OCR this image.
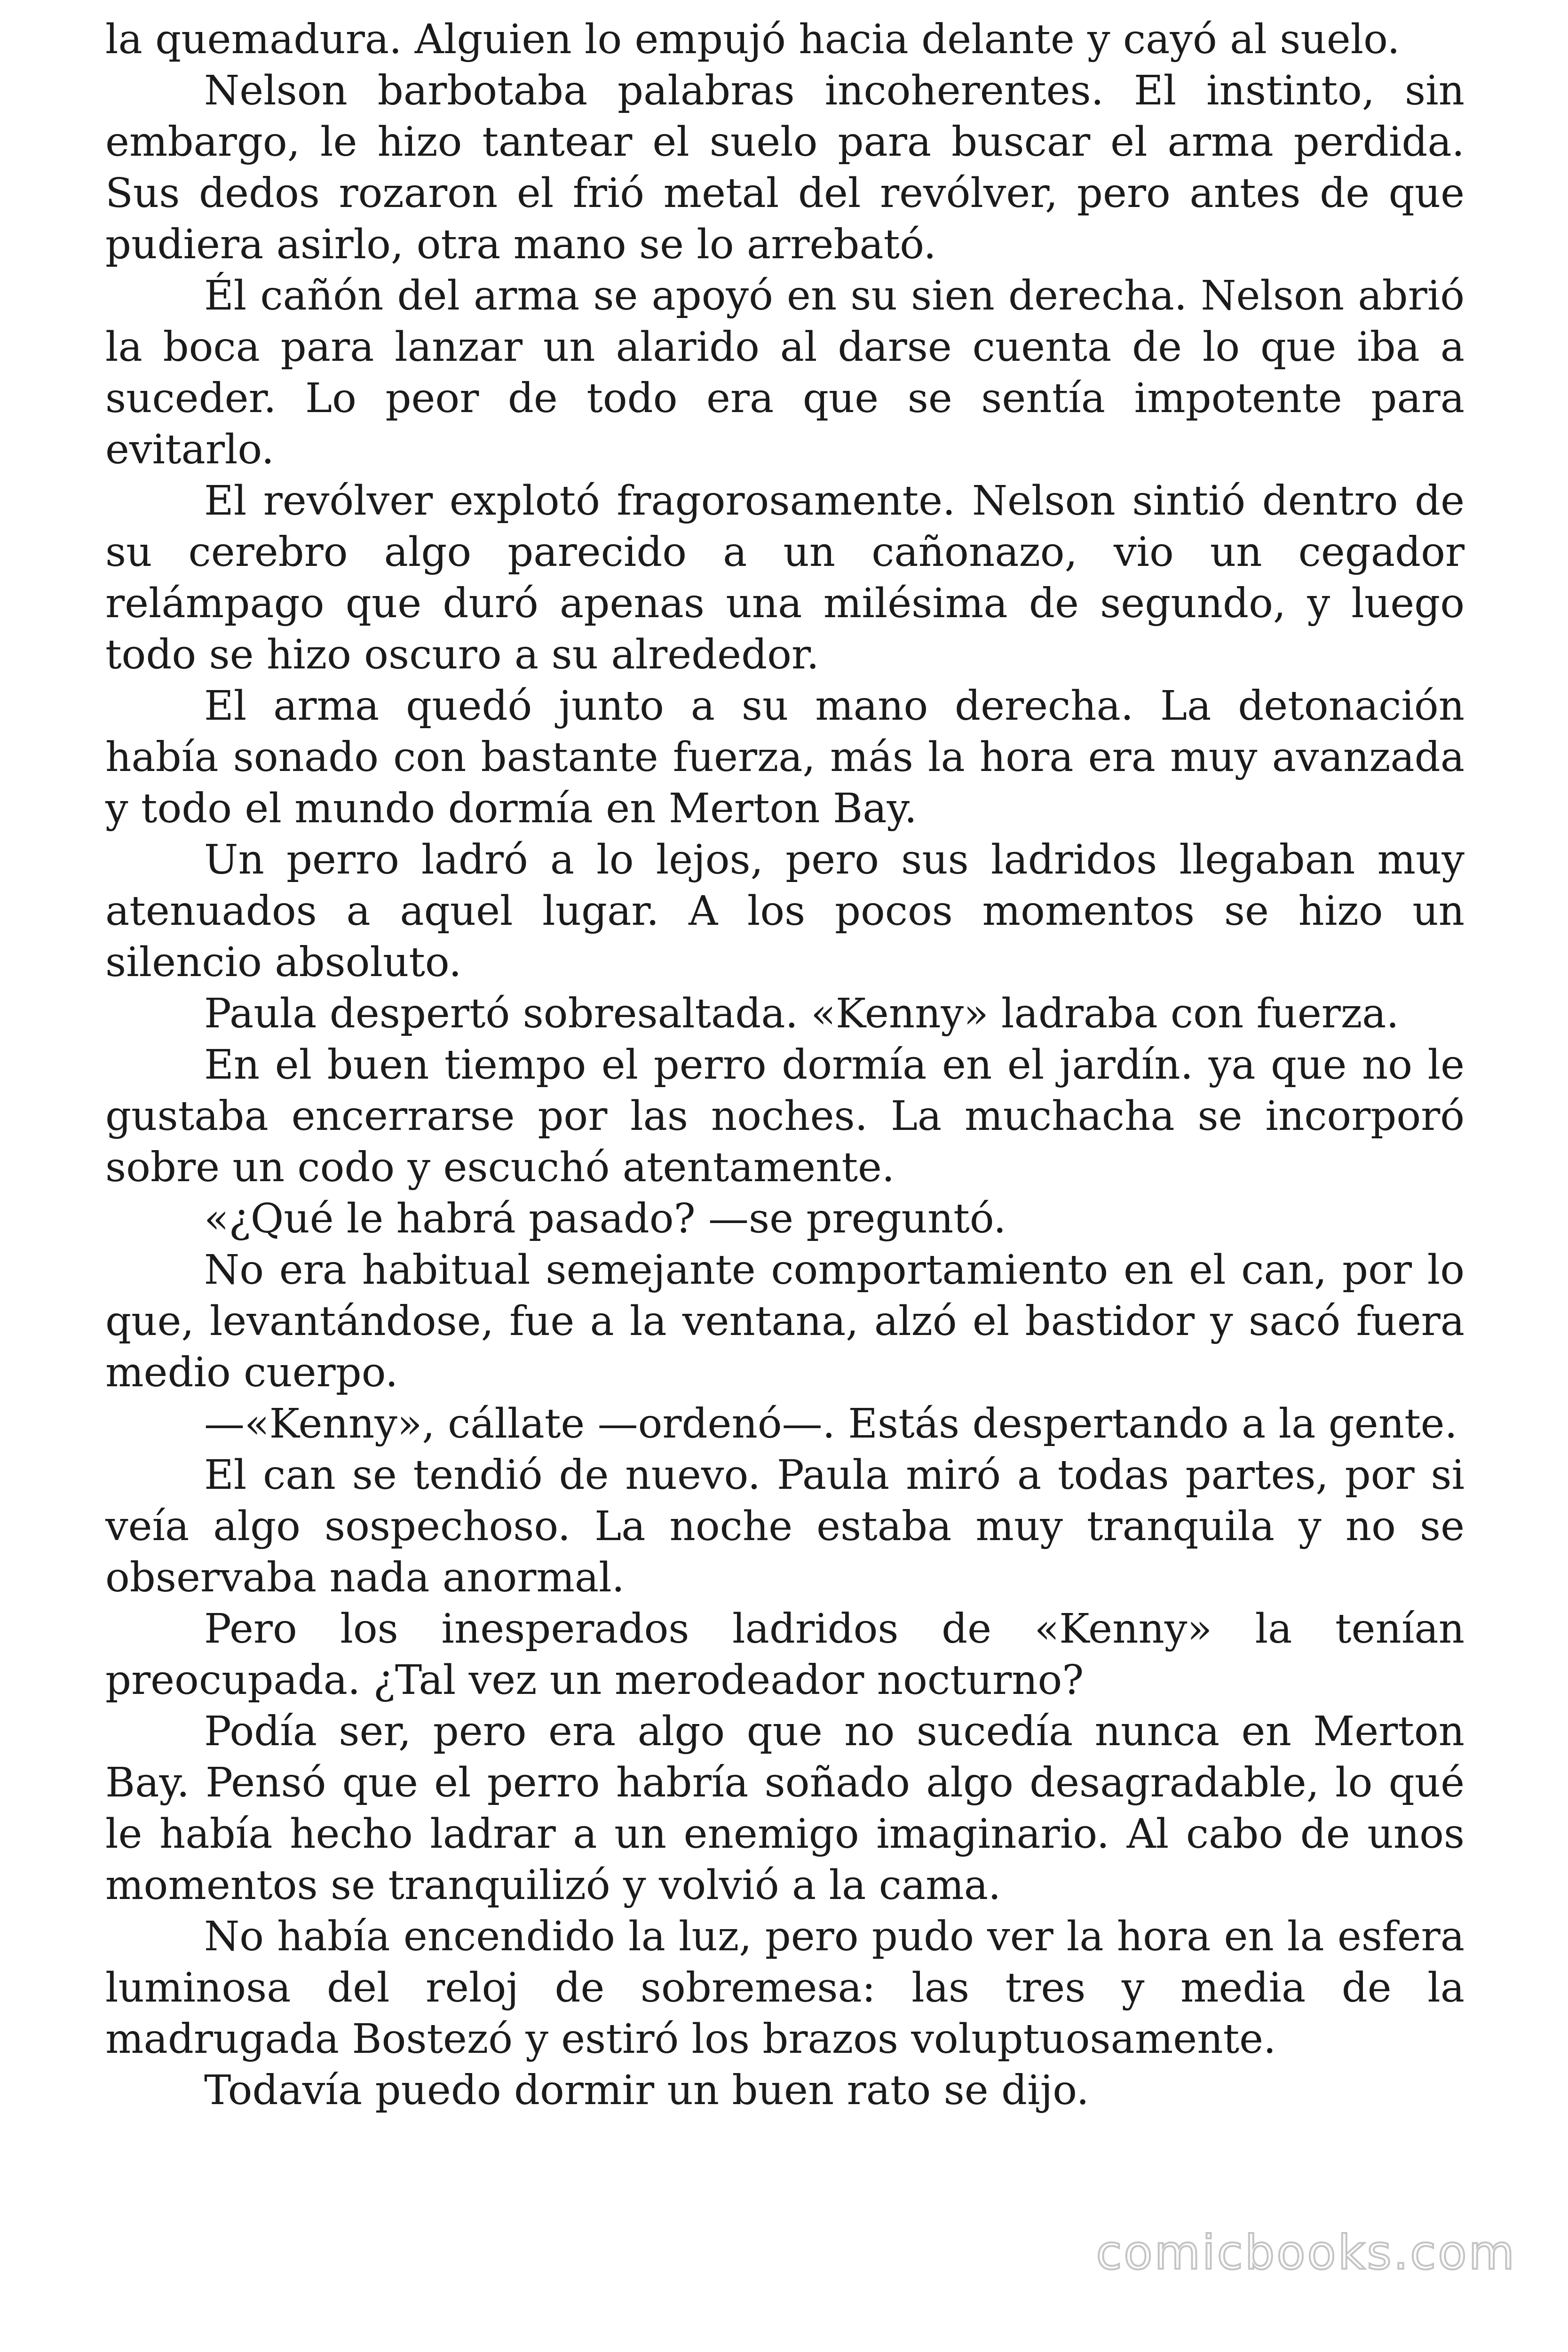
la quemadura. Alguien lo empujó hacia delante y cayó al suelo.

Nelson barbotaba palabras incoherentes. El instinto, sin embargo, le hizo tantear el suelo para buscar el arma perdida. Sus dedos rozaron el frió metal del revólver, pero antes de que pudiera asirlo, otra mano se lo arrebató.

Él cañón del arma se apoyó en su sien derecha. Nelson abrió la boca para lanzar un alarido al darse cuenta de lo que iba a suceder. Lo peor de todo era que se sentía impotente para evitarlo.

El revólver explotó fragorosamente. Nelson sintió dentro de su cerebro algo parecido a un cañonazo, vio un cegador relámpago que duró apenas una milésima de segundo, y luego todo se hizo oscuro a su alrededor.

El arma quedó junto a su mano derecha. La detonación había sonado con bastante fuerza, más la hora era muy avanzada y todo el mundo dormía en Merton Bay.

Un perro ladró a lo lejos, pero sus ladridos llegaban muy atenuados a aquel lugar. A los pocos momentos se hizo un silencio absoluto.

Paula despertó sobresaltada. «Kenny» ladraba con fuerza.

En el buen tiempo el perro dormía en el jardín. ya que no le gustaba encerrarse por las noches. La muchacha se incorporó sobre un codo y escuchó atentamente.

«¿Qué le habrá pasado? —se preguntó.

No era habitual semejante comportamiento en el can, por lo que, levantándose, fue a la ventana, alzó el bastidor y sacó fuera medio cuerpo.

—«Kenny», cállate —ordenó—. Estás despertando a la gente.

El can se tendió de nuevo. Paula miró a todas partes, por si veía algo sospechoso. La noche estaba muy tranquila y no se observaba nada anormal.

Pero los inesperados ladridos de «Kenny» la tenían preocupada. ¿Tal vez un merodeador nocturno?

Podía ser, pero era algo que no sucedía nunca en Merton Bay. Pensó que el perro habría soñado algo desagradable, lo qué le había hecho ladrar a un enemigo imaginario. Al cabo de unos momentos se tranquilizó y volvió a la cama.

No había encendido la luz, pero pudo ver la hora en la esfera luminosa del reloj de sobremesa: las tres y media de la madrugada Bostezó y estiró los brazos voluptuosamente.

Todavía puedo dormir un buen rato se dijo.

comicbooks.com
